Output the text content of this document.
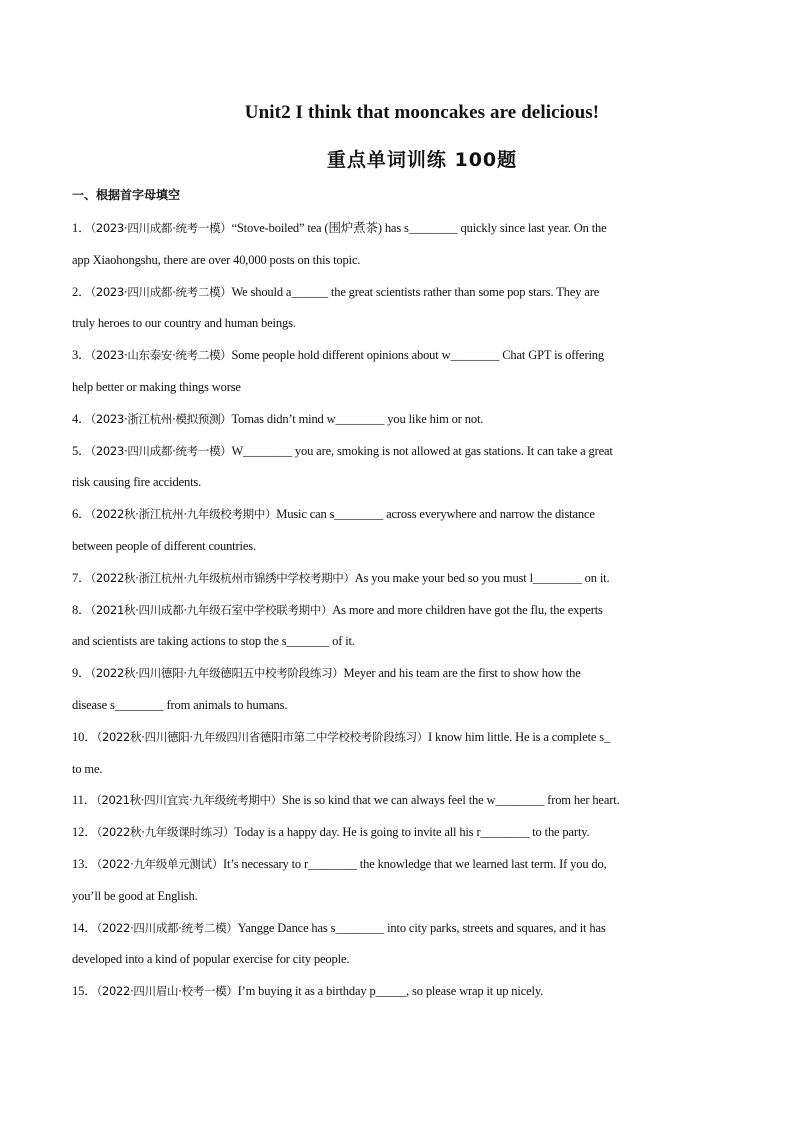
Unit2 I think that mooncakes are delicious!
重点单词训练 100题
一、根据首字母填空
1．（2023·四川成都·统考一模）“Stove-boiled” tea (围炉煮茶) has s________ quickly since last year. On the
app Xiaohongshu, there are over 40,000 posts on this topic.
2．（2023·四川成都·统考二模）We should a______ the great scientists rather than some pop stars. They are
truly heroes to our country and human beings.
3．（2023·山东泰安·统考二模）Some people hold different opinions about w________ Chat GPT is offering
help better or making things worse
4．（2023·浙江杭州·模拟预测）Tomas didn’t mind w________ you like him or not.
5．（2023·四川成都·统考一模）W________ you are, smoking is not allowed at gas stations. It can take a great
risk causing fire accidents.
6．（2022秋·浙江杭州·九年级校考期中）Music can s________ across everywhere and narrow the distance
between people of different countries.
7．（2022秋·浙江杭州·九年级杭州市锦绣中学校考期中）As you make your bed so you must l________ on it.
8．（2021秋·四川成都·九年级石室中学校联考期中）As more and more children have got the flu, the experts
and scientists are taking actions to stop the s_______ of it.
9．（2022秋·四川德阳·九年级德阳五中校考阶段练习）Meyer and his team are the first to show how the
disease s________ from animals to humans.
10．（2022秋·四川德阳·九年级四川省德阳市第二中学校校考阶段练习）I know him little. He is a complete s_
to me.
11．（2021秋·四川宜宾·九年级统考期中）She is so kind that we can always feel the w________ from her heart.
12．（2022秋·九年级课时练习）Today is a happy day. He is going to invite all his r________ to the party.
13．（2022·九年级单元测试）It’s necessary to r________ the knowledge that we learned last term. If you do,
you’ll be good at English.
14．（2022·四川成都·统考二模）Yangge Dance has s________ into city parks, streets and squares, and it has
developed into a kind of popular exercise for city people.
15．（2022·四川眉山·校考一模）I’m buying it as a birthday p_____, so please wrap it up nicely.
